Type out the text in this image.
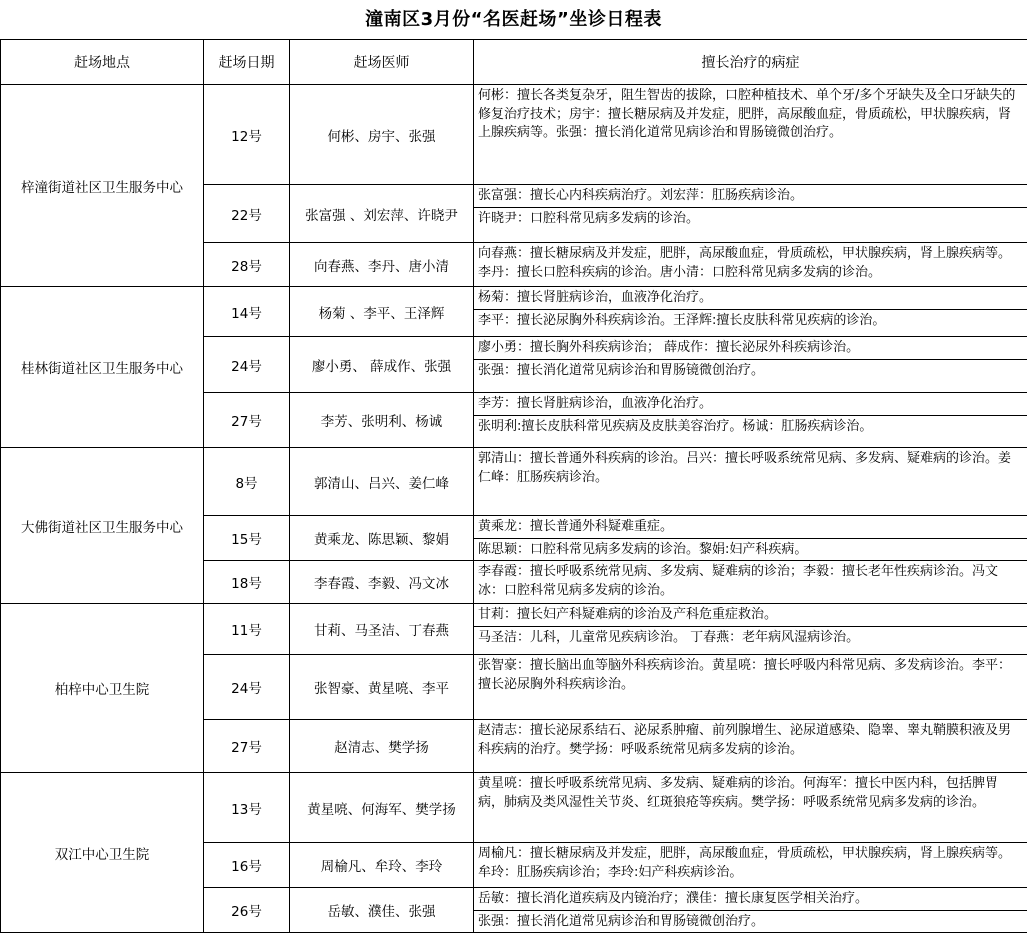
潼南区3月份“名医赶场”坐诊日程表
赶场地点	赶场日期	赶场医师	擅长治疗的病症
梓潼街道社区卫生服务中心	12号	何彬、房宇、张强	何彬：擅长各类复杂牙，阻生智齿的拔除，口腔种植技术、单个牙/多个牙缺失及全口牙缺失的修复治疗技术；房宇：擅长糖尿病及并发症，肥胖，高尿酸血症，骨质疏松，甲状腺疾病，肾上腺疾病等。张强：擅长消化道常见病诊治和胃肠镜微创治疗。

	22号	张富强 、刘宏萍、许晓尹	张富强：擅长心内科疾病治疗。刘宏萍：肛肠疾病诊治。
许晓尹：口腔科常见病多发病的诊治。

	28号	向春燕、李丹、唐小清	向春燕：擅长糖尿病及并发症，肥胖，高尿酸血症，骨质疏松，甲状腺疾病，肾上腺疾病等。李丹：擅长口腔科疾病的诊治。唐小清：口腔科常见病多发病的诊治。

桂林街道社区卫生服务中心	14号	杨菊 、李平、王泽辉	杨菊：擅长肾脏病诊治，血液净化治疗。
李平：擅长泌尿胸外科疾病诊治。王泽辉:擅长皮肤科常见疾病的诊治。

	24号	廖小勇、 薛成作、张强	廖小勇：擅长胸外科疾病诊治； 薛成作：擅长泌尿外科疾病诊治。
张强：擅长消化道常见病诊治和胃肠镜微创治疗。

	27号	李芳、张明利、杨诚	李芳：擅长肾脏病诊治，血液净化治疗。
张明利:擅长皮肤科常见疾病及皮肤美容治疗。杨诚：肛肠疾病诊治。

大佛街道社区卫生服务中心	8号	郭清山、吕兴、姜仁峰	郭清山：擅长普通外科疾病的诊治。吕兴：擅长呼吸系统常见病、多发病、疑难病的诊治。姜仁峰：肛肠疾病诊治。

	15号	黄乘龙、陈思颖、黎娟	黄乘龙：擅长普通外科疑难重症。
陈思颖：口腔科常见病多发病的诊治。黎娟:妇产科疾病。

	18号	李春霞、李毅、冯文冰	李春霞：擅长呼吸系统常见病、多发病、疑难病的诊治；李毅：擅长老年性疾病诊治。冯文冰：口腔科常见病多发病的诊治。

柏梓中心卫生院	11号	甘莉、马圣洁、丁春燕	甘莉：擅长妇产科疑难病的诊治及产科危重症救治。
马圣洁：儿科，儿童常见疾病诊治。 丁春燕：老年病风湿病诊治。

	24号	张智豪、黄星喨、李平	张智豪：擅长脑出血等脑外科疾病诊治。黄星喨：擅长呼吸内科常见病、多发病诊治。李平：擅长泌尿胸外科疾病诊治。

	27号	赵清志、樊学扬	赵清志：擅长泌尿系结石、泌尿系肿瘤、前列腺增生、泌尿道感染、隐睾、睾丸鞘膜积液及男科疾病的治疗。樊学扬：呼吸系统常见病多发病的诊治。

双江中心卫生院	13号	黄星喨、何海军、樊学扬	黄星喨：擅长呼吸系统常见病、多发病、疑难病的诊治。何海军：擅长中医内科，包括脾胃病，肺病及类风湿性关节炎、红斑狼疮等疾病。樊学扬：呼吸系统常见病多发病的诊治。

	16号	周榆凡、牟玲、李玲	周榆凡：擅长糖尿病及并发症，肥胖，高尿酸血症，骨质疏松，甲状腺疾病，肾上腺疾病等。牟玲：肛肠疾病诊治；李玲:妇产科疾病诊治。

	26号	岳敏、濮佳、张强	岳敏：擅长消化道疾病及内镜治疗；濮佳：擅长康复医学相关治疗。
张强：擅长消化道常见病诊治和胃肠镜微创治疗。
